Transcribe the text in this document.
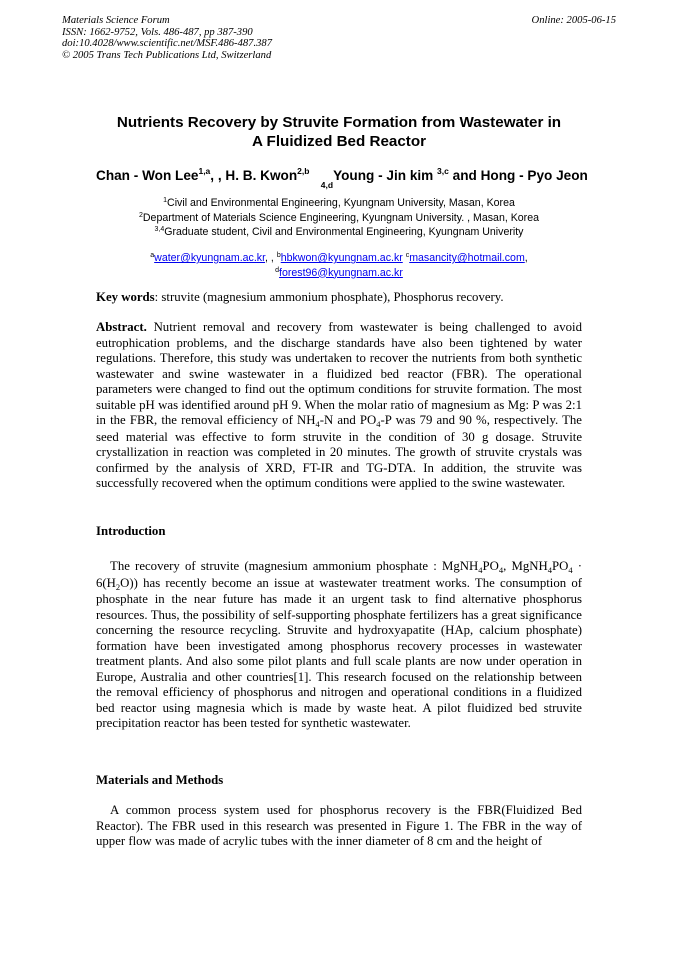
Materials Science Forum
ISSN: 1662-9752, Vols. 486-487, pp 387-390
doi:10.4028/www.scientific.net/MSF.486-487.387
© 2005 Trans Tech Publications Ltd, Switzerland
Online: 2005-06-15
Nutrients Recovery by Struvite Formation from Wastewater in
A Fluidized Bed Reactor
Chan - Won Lee$^{1,a}$, , H. B. Kwon$^{2,b}$   $_{4,d}$Young - Jin kim $^{3,c}$ and Hong - Pyo Jeon
$^1$Civil and Environmental Engineering, Kyungnam University, Masan, Korea
$^2$Department of Materials Science Engineering, Kyungnam University. , Masan, Korea
$^{3,4}$Graduate student, Civil and Environmental Engineering, Kyungnam Univerity
$^a$water@kyungnam.ac.kr, , $^b$hbkwon@kyungnam.ac.kr $^c$masancity@hotmail.com,
$^d$forest96@kyungnam.ac.kr
Key words: struvite (magnesium ammonium phosphate), Phosphorus recovery.
Abstract. Nutrient removal and recovery from wastewater is being challenged to avoid eutrophication problems, and the discharge standards have also been tightened by water regulations. Therefore, this study was undertaken to recover the nutrients from both synthetic wastewater and swine wastewater in a fluidized bed reactor (FBR). The operational parameters were changed to find out the optimum conditions for struvite formation. The most suitable pH was identified around pH 9. When the molar ratio of magnesium as Mg: P was 2:1 in the FBR, the removal efficiency of $NH_4-N$ and $PO_4-P$ was 79 and 90 %, respectively. The seed material was effective to form struvite in the condition of 30 g dosage. Struvite crystallization in reaction was completed in 20 minutes. The growth of struvite crystals was confirmed by the analysis of XRD, FT-IR and TG-DTA. In addition, the struvite was successfully recovered when the optimum conditions were applied to the swine wastewater.
Introduction
The recovery of struvite (magnesium ammonium phosphate : $MgNH_4PO_4$, $MgNH_4PO_4 \cdot 6(H_2O)$) has recently become an issue at wastewater treatment works. The consumption of phosphate in the near future has made it an urgent task to find alternative phosphorus resources. Thus, the possibility of self-supporting phosphate fertilizers has a great significance concerning the resource recycling. Struvite and hydroxyapatite (HAp, calcium phosphate) formation have been investigated among phosphorus recovery processes in wastewater treatment plants. And also some pilot plants and full scale plants are now under operation in Europe, Australia and other countries[1]. This research focused on the relationship between the removal efficiency of phosphorus and nitrogen and operational conditions in a fluidized bed reactor using magnesia which is made by waste heat. A pilot fluidized bed struvite precipitation reactor has been tested for synthetic wastewater.
Materials and Methods
A common process system used for phosphorus recovery is the FBR(Fluidized Bed Reactor). The FBR used in this research was presented in Figure 1. The FBR in the way of upper flow was made of acrylic tubes with the inner diameter of 8 cm and the height of
